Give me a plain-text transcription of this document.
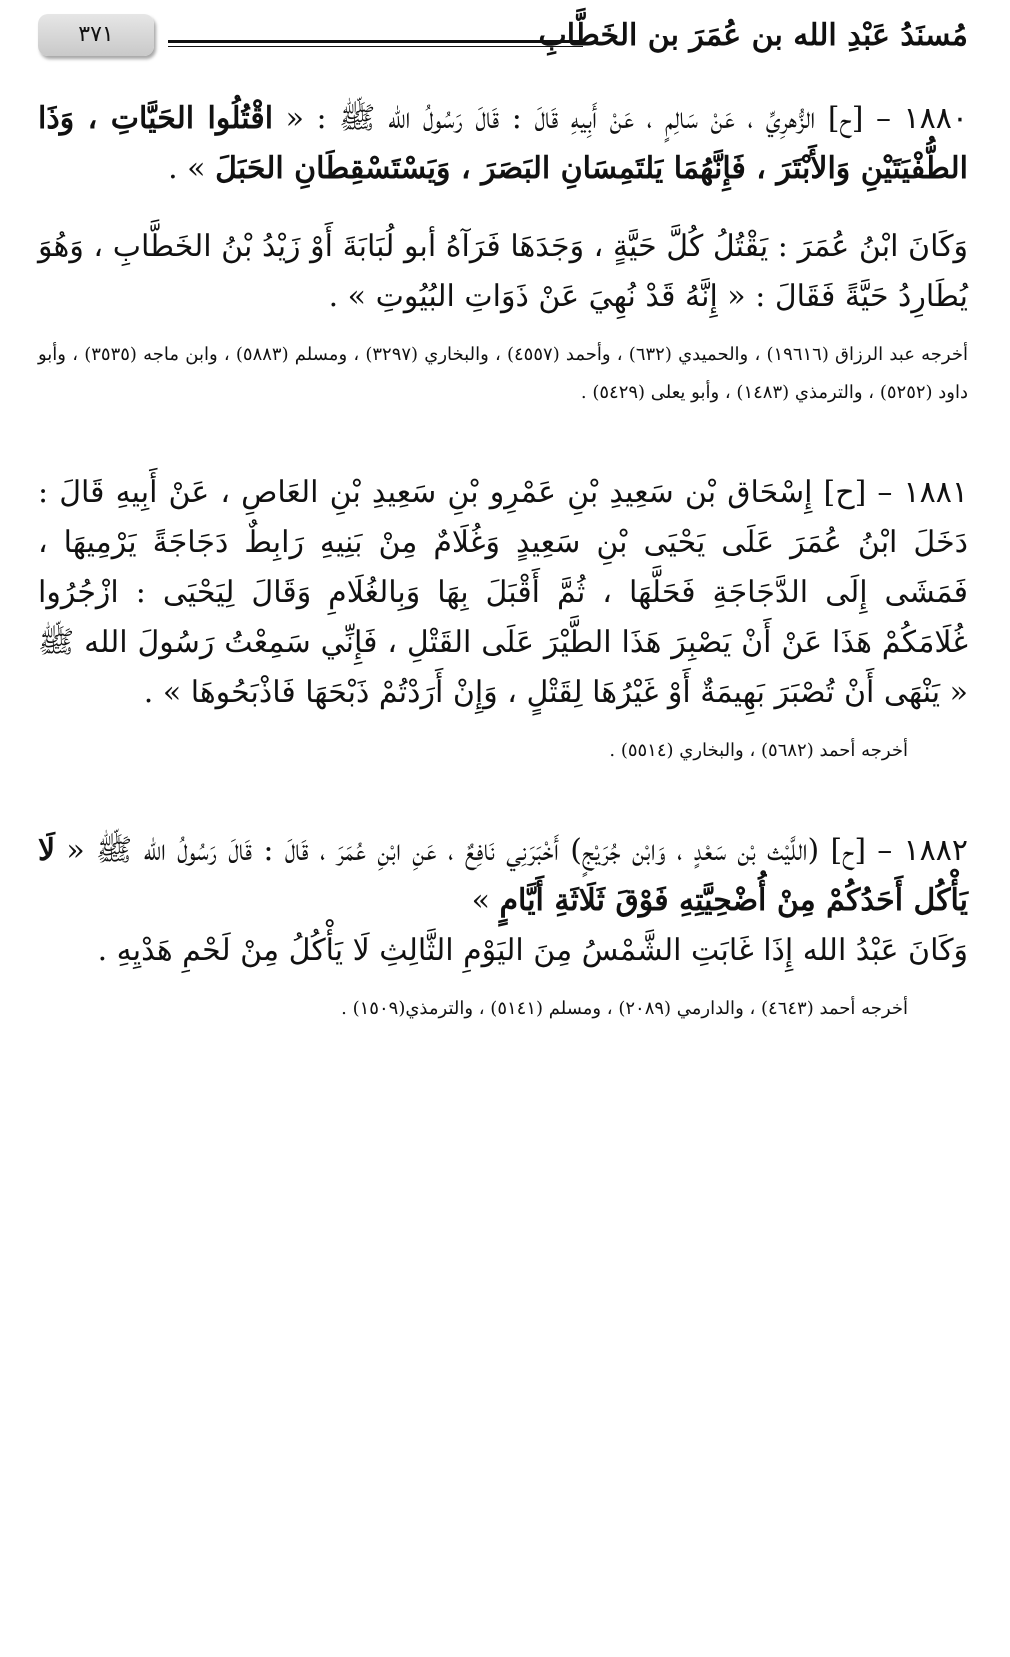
مُسنَدُ عَبْدِ الله بن عُمَرَ بن الخَطَّابِ
٣٧١

١٨٨٠ – [ح] الزُّهرِيِّ ، عَنْ سَالِمٍ ، عَنْ أَبِيهِ قَالَ : قَالَ رَسُولُ الله ﷺ : « اقْتُلُوا الحَيَّاتِ ، وَذَا الطُّفْيَتَيْنِ وَالأَبْتَرَ ، فَإِنَّهُمَا يَلتَمِسَانِ البَصَرَ ، وَيَسْتَسْقِطَانِ الحَبَلَ » .

وَكَانَ ابْنُ عُمَرَ : يَقْتُلُ كُلَّ حَيَّةٍ ، وَجَدَهَا فَرَآهُ أبو لُبَابَةَ أَوْ زَيْدُ بْنُ الخَطَّابِ ، وَهُوَ يُطَارِدُ حَيَّةً فَقَالَ : « إِنَّهُ قَدْ نُهِيَ عَنْ ذَوَاتِ البُيُوتِ » .

أخرجه عبد الرزاق (١٩٦١٦) ، والحميدي (٦٣٢) ، وأحمد (٤٥٥٧) ، والبخاري (٣٢٩٧) ، ومسلم (٥٨٨٣) ، وابن ماجه (٣٥٣٥) ، وأبو داود (٥٢٥٢) ، والترمذي (١٤٨٣) ، وأبو يعلى (٥٤٢٩) .

١٨٨١ – [ح] إِسْحَاق بْن سَعِيدِ بْنِ عَمْرِو بْنِ سَعِيدِ بْنِ العَاصِ ، عَنْ أَبِيهِ قَالَ : دَخَلَ ابْنُ عُمَرَ عَلَى يَحْيَى بْنِ سَعِيدٍ وَغُلَامٌ مِنْ بَنِيهِ رَابِطٌ دَجَاجَةً يَرْمِيهَا ، فَمَشَى إِلَى الدَّجَاجَةِ فَحَلَّهَا ، ثُمَّ أَقْبَلَ بِهَا وَبِالغُلَامِ وَقَالَ لِيَحْيَى : ازْجُرُوا غُلَامَكُمْ هَذَا عَنْ أَنْ يَصْبِرَ هَذَا الطَّيْرَ عَلَى القَتْلِ ، فَإِنِّي سَمِعْتُ رَسُولَ الله ﷺ « يَنْهَى أَنْ تُصْبَرَ بَهِيمَةٌ أَوْ غَيْرُهَا لِقَتْلٍ ، وَإِنْ أَرَدْتُمْ ذَبْحَهَا فَاذْبَحُوهَا » .

أخرجه أحمد (٥٦٨٢) ، والبخاري (٥٥١٤) .

١٨٨٢ – [ح] (اللَّيْث بْن سَعْدٍ ، وَابْن جُرَيْجٍ) أَخْبَرَنِي نَافِعٌ ، عَنِ ابْنِ عُمَرَ ، قَالَ : قَالَ رَسُولُ الله ﷺ « لَا يَأْكُل أَحَدُكُمْ مِنْ أُضْحِيَّتِهِ فَوْقَ ثَلَاثَةِ أَيَّامٍ »

وَكَانَ عَبْدُ الله إِذَا غَابَتِ الشَّمْسُ مِنَ اليَوْمِ الثَّالِثِ لَا يَأْكُلُ مِنْ لَحْمِ هَدْيِهِ .

أخرجه أحمد (٤٦٤٣) ، والدارمي (٢٠٨٩) ، ومسلم (٥١٤١) ، والترمذي(١٥٠٩) .
